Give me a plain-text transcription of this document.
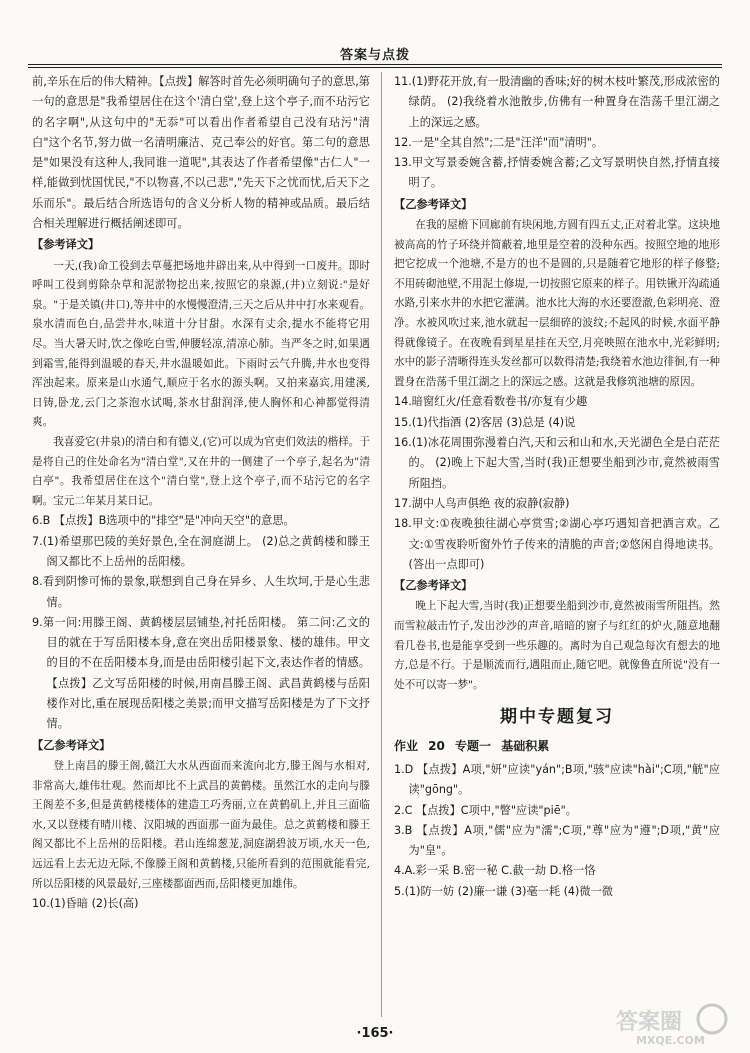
答案与点拨

前,辛乐在后的伟大精神。【点拨】解答时首先必须明确句子的意思,第一句的意思是"我希望居住在这个'清白堂',登上这个亭子,而不玷污它的名字啊",从这句中的"无忝"可以看出作者希望自己没有玷污"清白"这个名节,努力做一名清明廉洁、克己奉公的好官。第二句的意思是"如果没有这种人,我同谁一道呢",其表达了作者希望像"古仁人"一样,能做到忧国忧民,"不以物喜,不以己悲","先天下之忧而忧,后天下之乐而乐"。最后结合所选语句的含义分析人物的精神或品质。最后结合相关理解进行概括阐述即可。

【参考译文】

一天,(我)命工役到去草蔓把场地井辟出来,从中得到一口废井。即时呼叫工役到剪除杂草和泥淤物挖出来,按照它的泉源,(井)立刻说:"是好泉。"于是关镇(井口),等井中的水慢慢澄清,三天之后从井中打水来观看。泉水清而色白,品尝井水,味道十分甘甜。水深有丈余,提水不能将它用尽。当大暑天时,饮之像吃白雪,伸腰轻凉,清凉心肺。当严冬之时,如果遇到霜雪,能得到温暖的春天,井水温暖如此。下雨时云气升腾,井水也变得浑浊起来。原来是山水通气,顺应于名水的源头啊。又拍来嘉宾,用建溪,日铸,卧龙,云门之茶泡水试喝,茶水甘甜润泽,使人胸怀和心神都觉得清爽。

我喜爱它(井泉)的清白和有德义,(它)可以成为官吏们效法的楷样。于是将自己的住处命名为"清白堂",又在井的一侧建了一个亭子,起名为"清白亭"。我希望居住在这个"清白堂",登上这个亭子,而不玷污它的名字啊。宝元二年某月某日记。

6.B 【点拨】B选项中的"排空"是"冲向天空"的意思。

7.(1)希望那巴陵的美好景色,全在洞庭湖上。 (2)总之黄鹤楼和滕王阁又都比不上岳州的岳阳楼。

8.看到阴惨可怖的景象,联想到自己身在异乡、人生坎坷,于是心生悲情。

9.第一问:用滕王阁、黄鹤楼层层铺垫,衬托岳阳楼。 第二问:乙文的目的就在于写岳阳楼本身,意在突出岳阳楼景象、楼的雄伟。甲文的目的不在岳阳楼本身,而是由岳阳楼引起下文,表达作者的情感。【点拨】乙文写岳阳楼的时候,用南昌滕王阁、武昌黄鹤楼与岳阳楼作对比,重在展现岳阳楼之美景;而甲文描写岳阳楼是为了下文抒情。

【乙参考译文】

登上南昌的滕王阁,赣江大水从西面而来流向北方,滕王阁与水相对,非常高大,雄伟壮观。然而却比不上武昌的黄鹤楼。虽然江水的走向与滕王阁差不多,但是黄鹤楼楼体的建造工巧秀丽,立在黄鹤矶上,并且三面临水,又以登楼有晴川楼、汉阳城的西面那一面为最佳。总之黄鹤楼和滕王阁又都比不上岳州的岳阳楼。君山连绵葱茏,洞庭湖碧波万顷,水天一色,远远看上去无边无际,不像滕王阁和黄鹤楼,只能所看到的范围就能看完,所以岳阳楼的风景最好,三座楼都面西而,岳阳楼更加雄伟。

10.(1)昏暗 (2)长(高)

11.(1)野花开放,有一股清幽的香味;好的树木枝叶繁茂,形成浓密的绿荫。 (2)我绕着水池散步,仿佛有一种置身在浩荡千里江湖之上的深远之感。

12.一是"全其自然";二是"汪洋"而"清明"。

13.甲文写景委婉含蓄,抒情委婉含蓄;乙文写景明快自然,抒情直接明了。

【乙参考译文】

在我的屋檐下回廊前有块闲地,方圆有四五丈,正对着北掌。这块地被高高的竹子环绕并简蔽着,地里是空着的没种东西。按照空地的地形把它挖成一个池塘,不是方的也不是圆的,只是随着它地形的样子修整;不用砖砌池壁,不用泥土修堤,一切按照它原来的样子。用铁锹开沟疏通水路,引来水井的水把它灌满。池水比大海的水还要澄澈,色彩明亮、澄净。水被风吹过来,池水就起一层细碎的波纹;不起风的时候,水面平静得就像镜子。在夜晚看到星星挂在天空,月亮映照在池水中,光彩鲜明;水中的影子清晰得连头发丝都可以数得清楚;我绕着水池边徘徊,有一种置身在浩荡千里江湖之上的深远之感。这就是我修筑池塘的原因。

14.暗窗红火/任意看数卷书/亦复有少趣

15.(1)代指酒 (2)客居 (3)总是 (4)说

16.(1)冰花周围弥漫着白汽,天和云和山和水,天光湖色全是白茫茫的。 (2)晚上下起大雪,当时(我)正想要坐船到沙市,竟然被雨雪所阻挡。

17.湖中人鸟声俱绝 夜的寂静(寂静)

18.甲文:①夜晚独往湖心亭赏雪;②湖心亭巧遇知音把酒言欢。乙文:①雪夜聆听窗外竹子传来的清脆的声音;②悠闲自得地读书。(答出一点即可)

【乙参考译文】

晚上下起大雪,当时(我)正想要坐船到沙市,竟然被雨雪所阻挡。然而雪粒敲击竹子,发出沙沙的声音,暗暗的窗子与红红的炉火,随意地翻看几卷书,也是能享受到一些乐趣的。离时为自己观急每次有想去的地方,总是不行。于是顺流而行,遇阻而止,随它吧。就像鲁直所说"没有一处不可以寄一梦"。

期中专题复习
作业 20 专题一 基础积累

1.D 【点拨】A项,"妍"应读"yán";B项,"骇"应读"hài";C项,"觥"应读"gōng"。

2.C 【点拨】C项中,"瞥"应读"piē"。

3.B 【点拨】A项,"儒"应为"濡";C项,"尊"应为"遵";D项,"黄"应为"皇"。

4.A.彩一采 B.密一秘 C.截一劫 D.格一恪

5.(1)防一妨 (2)廉一谦 (3)毫一耗 (4)微一微

·165·	答案圈
MXQE.COM
